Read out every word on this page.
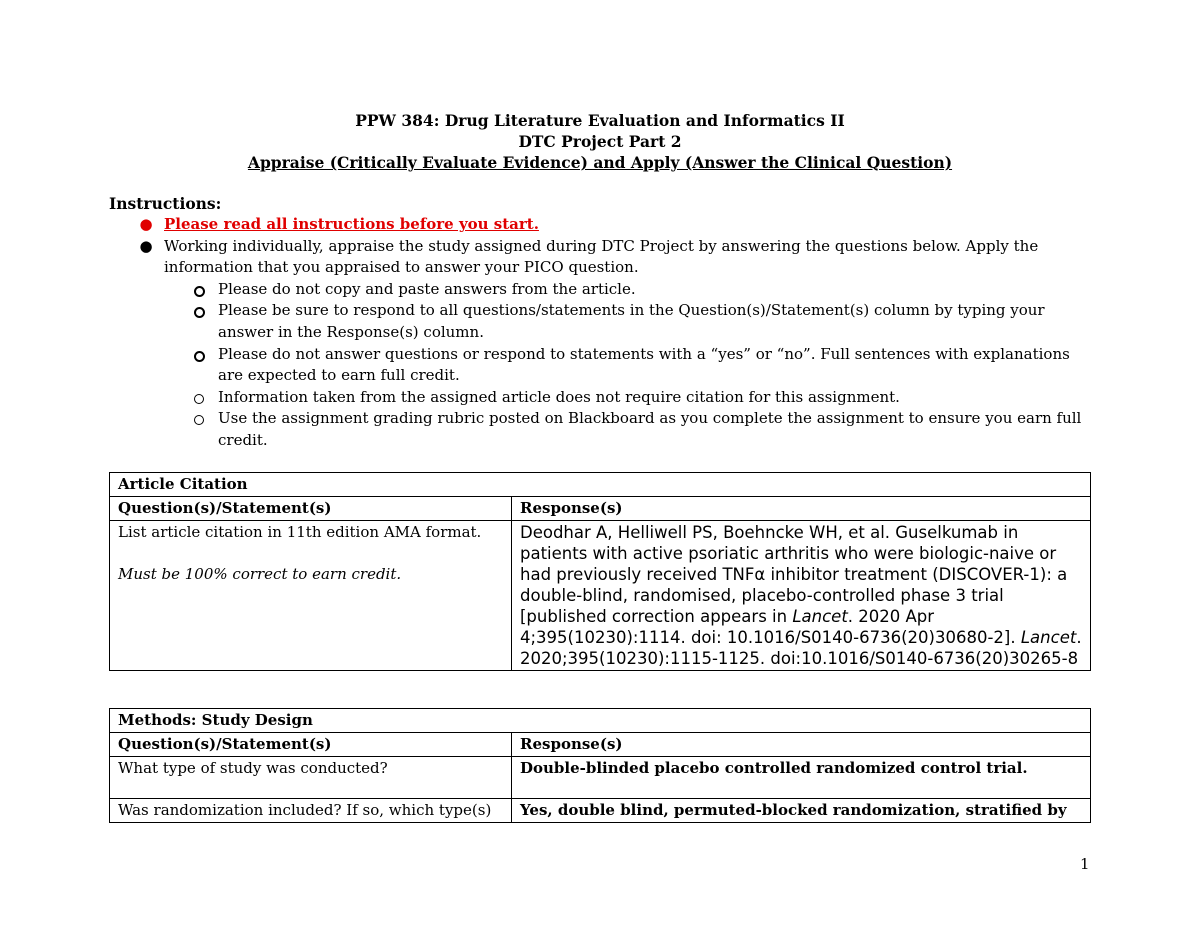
PPW 384: Drug Literature Evaluation and Informatics II
DTC Project Part 2
Appraise (Critically Evaluate Evidence) and Apply (Answer the Clinical Question)
Instructions:
● Please read all instructions before you start.
● Working individually, appraise the study assigned during DTC Project by answering the questions below. Apply the information that you appraised to answer your PICO question.
Please do not copy and paste answers from the article.
Please be sure to respond to all questions/statements in the Question(s)/Statement(s) column by typing your answer in the Response(s) column.
Please do not answer questions or respond to statements with a “yes” or “no”. Full sentences with explanations are expected to earn full credit.
Information taken from the assigned article does not require citation for this assignment.
Use the assignment grading rubric posted on Blackboard as you complete the assignment to ensure you earn full credit.
Article Citation	
Question(s)/Statement(s)	Response(s)

List article citation in 11th edition AMA format.
Must be 100% correct to earn credit.	Deodhar A, Helliwell PS, Boehncke WH, et al. Guselkumab in patients with active psoriatic arthritis who were biologic-naive or had previously received TNFα inhibitor treatment (DISCOVER-1): a double-blind, randomised, placebo-controlled phase 3 trial [published correction appears in Lancet. 2020 Apr 4;395(10230):1114. doi: 10.1016/S0140-6736(20)30680-2]. Lancet. 2020;395(10230):1115-1125. doi:10.1016/S0140-6736(20)30265-8
Methods: Study Design	
Question(s)/Statement(s)	Response(s)
What type of study was conducted?	Double-blinded placebo controlled randomized control trial.
Was randomization included? If so, which type(s)	Yes, double blind, permuted-blocked randomization, stratified by
1
